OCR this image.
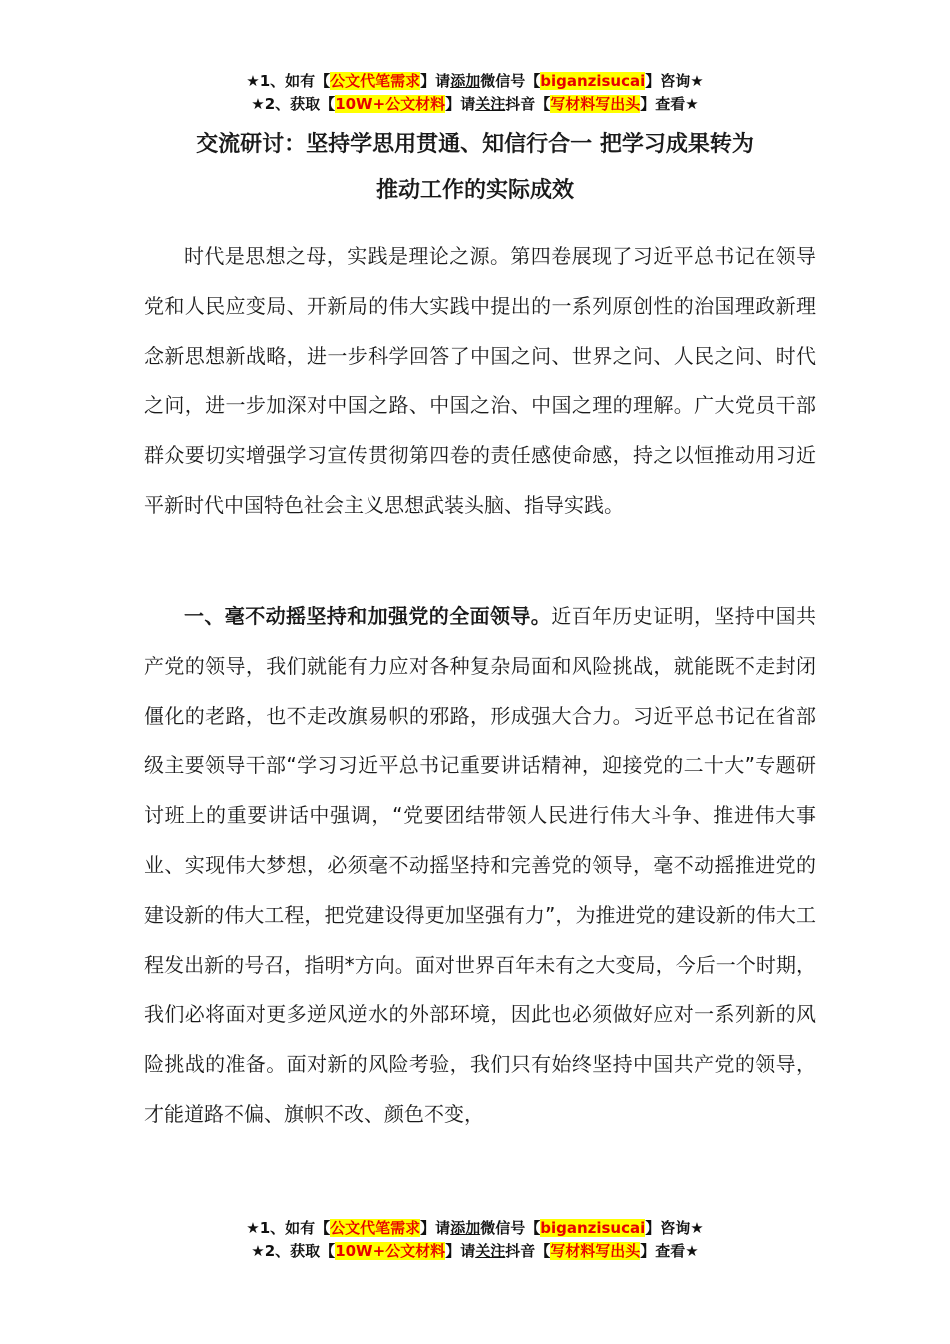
★1、如有【公文代笔需求】请添加微信号【biganzisucai】咨询★
★2、获取【10W+公文材料】请关注抖音【写材料写出头】查看★
交流研讨：坚持学思用贯通、知信行合一 把学习成果转为
推动工作的实际成效

时代是思想之母，实践是理论之源。第四卷展现了习近平总书记在领导党和人民应变局、开新局的伟大实践中提出的一系列原创性的治国理政新理念新思想新战略，进一步科学回答了中国之问、世界之问、人民之问、时代之问，进一步加深对中国之路、中国之治、中国之理的理解。广大党员干部群众要切实增强学习宣传贯彻第四卷的责任感使命感，持之以恒推动用习近平新时代中国特色社会主义思想武装头脑、指导实践。

一、毫不动摇坚持和加强党的全面领导。近百年历史证明，坚持中国共产党的领导，我们就能有力应对各种复杂局面和风险挑战，就能既不走封闭僵化的老路，也不走改旗易帜的邪路，形成强大合力。习近平总书记在省部级主要领导干部“学习习近平总书记重要讲话精神，迎接党的二十大”专题研讨班上的重要讲话中强调，“党要团结带领人民进行伟大斗争、推进伟大事业、实现伟大梦想，必须毫不动摇坚持和完善党的领导，毫不动摇推进党的建设新的伟大工程，把党建设得更加坚强有力”，为推进党的建设新的伟大工程发出新的号召，指明*方向。面对世界百年未有之大变局，今后一个时期，我们必将面对更多逆风逆水的外部环境，因此也必须做好应对一系列新的风险挑战的准备。面对新的风险考验，我们只有始终坚持中国共产党的领导，才能道路不偏、旗帜不改、颜色不变，

★1、如有【公文代笔需求】请添加微信号【biganzisucai】咨询★
★2、获取【10W+公文材料】请关注抖音【写材料写出头】查看★
